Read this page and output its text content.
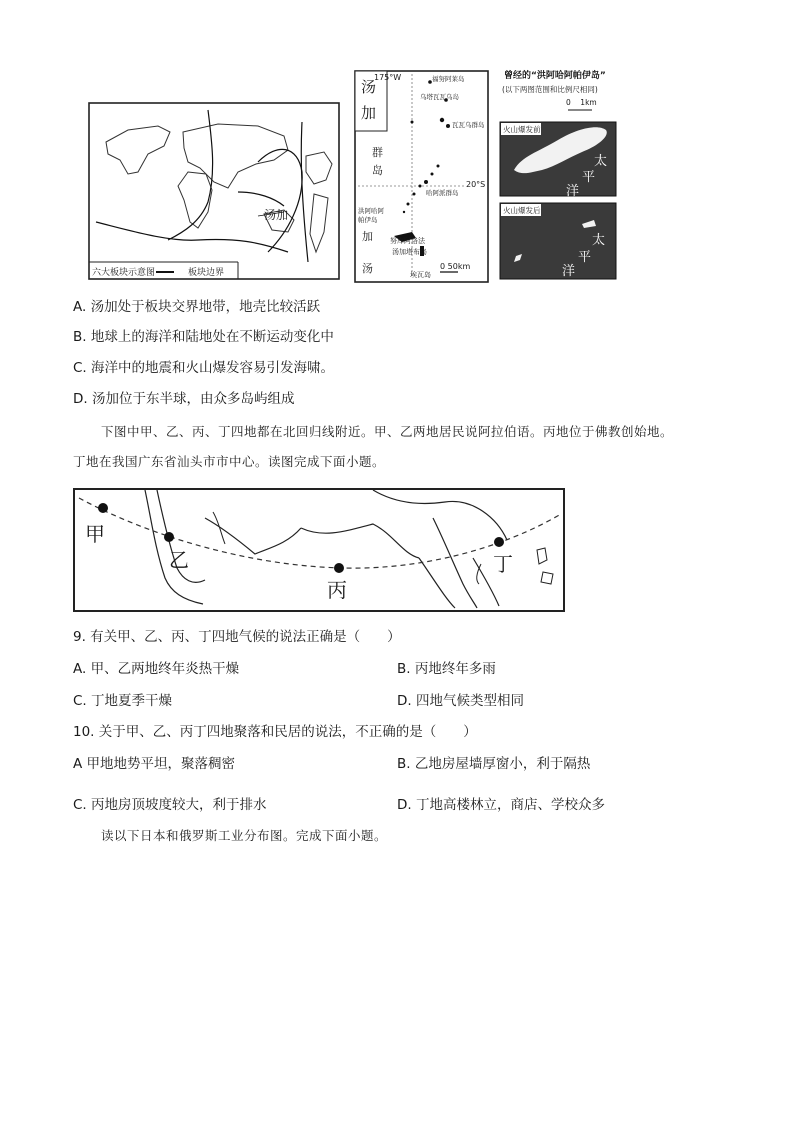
汤加
六大板块示意图	板块边界
汤加
175°W
20°S
福努阿莱岛
乌塔瓦瓦乌岛
瓦瓦乌群岛
哈阿派群岛
洪阿哈阿帕伊岛
努库阿洛法
汤加塔布岛
埃瓦岛
群
岛
加
汤	0 50km
曾经的“洪阿哈阿帕伊岛”
(以下两图范围和比例尺相同)
0    1km
火山爆发前
火山爆发后
太
平
洋
太
平
洋
A. 汤加处于板块交界地带，地壳比较活跃
B. 地球上的海洋和陆地处在不断运动变化中
C. 海洋中的地震和火山爆发容易引发海啸。
D. 汤加位于东半球，由众多岛屿组成
下图中甲、乙、丙、丁四地都在北回归线附近。甲、乙两地居民说阿拉伯语。丙地位于佛教创始地。
丁地在我国广东省汕头市市中心。读图完成下面小题。
甲
乙
丙
丁
9. 有关甲、乙、丙、丁四地气候的说法正确是（　　）
A. 甲、乙两地终年炎热干燥	B. 丙地终年多雨
C. 丁地夏季干燥	D. 四地气候类型相同
10. 关于甲、乙、丙丁四地聚落和民居的说法，不正确的是（　　）
A 甲地地势平坦，聚落稠密	B. 乙地房屋墙厚窗小，利于隔热
C. 丙地房顶坡度较大，利于排水	D. 丁地高楼林立，商店、学校众多
读以下日本和俄罗斯工业分布图。完成下面小题。
